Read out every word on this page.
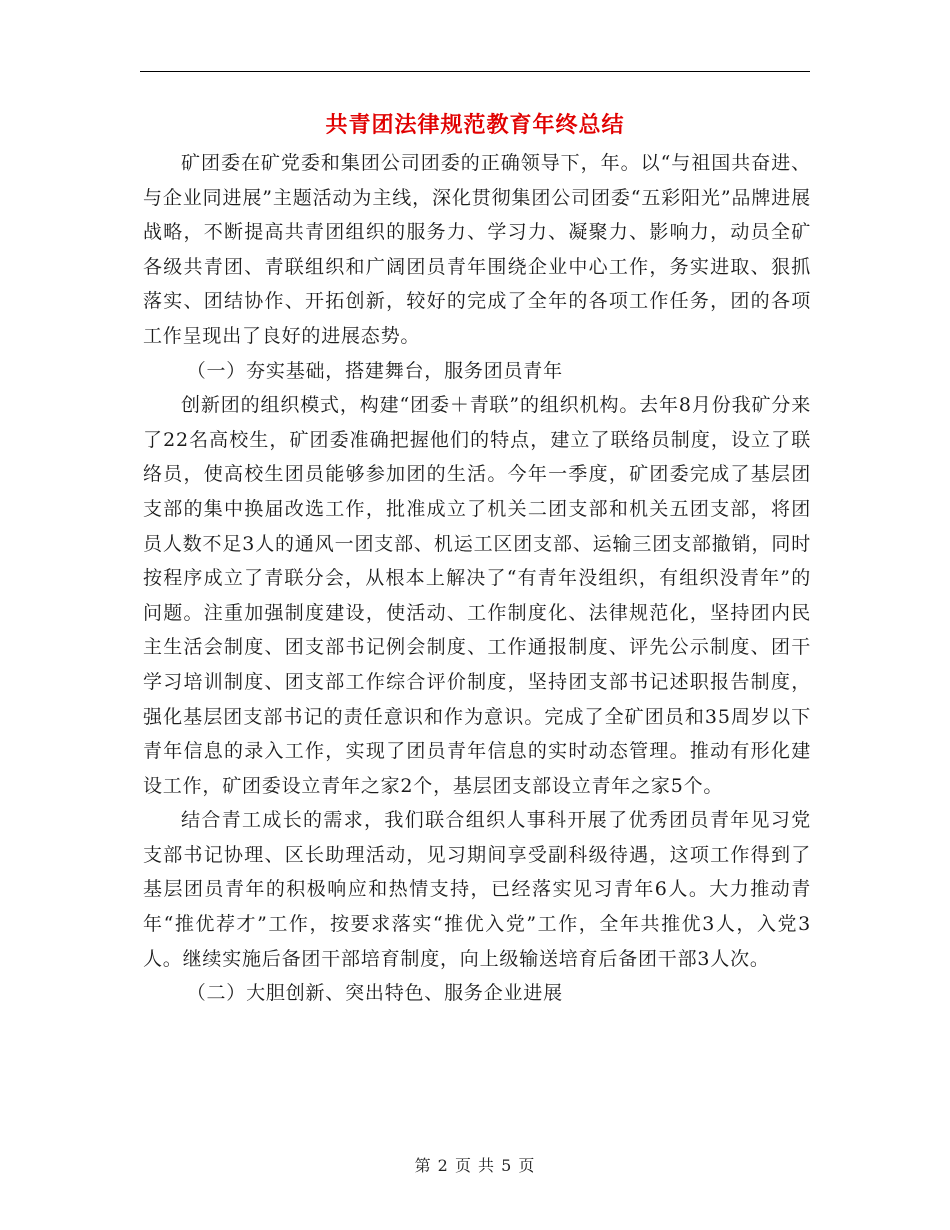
共青团法律规范教育年终总结

矿团委在矿党委和集团公司团委的正确领导下，年。以“与祖国共奋进、与企业同进展”主题活动为主线，深化贯彻集团公司团委“五彩阳光”品牌进展战略，不断提高共青团组织的服务力、学习力、凝聚力、影响力，动员全矿各级共青团、青联组织和广阔团员青年围绕企业中心工作，务实进取、狠抓落实、团结协作、开拓创新，较好的完成了全年的各项工作任务，团的各项工作呈现出了良好的进展态势。

（一）夯实基础，搭建舞台，服务团员青年

创新团的组织模式，构建“团委＋青联”的组织机构。去年8月份我矿分来了22名高校生，矿团委准确把握他们的特点，建立了联络员制度，设立了联络员，使高校生团员能够参加团的生活。今年一季度，矿团委完成了基层团支部的集中换届改选工作，批准成立了机关二团支部和机关五团支部，将团员人数不足3人的通风一团支部、机运工区团支部、运输三团支部撤销，同时按程序成立了青联分会，从根本上解决了“有青年没组织，有组织没青年”的问题。注重加强制度建设，使活动、工作制度化、法律规范化，坚持团内民主生活会制度、团支部书记例会制度、工作通报制度、评先公示制度、团干学习培训制度、团支部工作综合评价制度，坚持团支部书记述职报告制度，强化基层团支部书记的责任意识和作为意识。完成了全矿团员和35周岁以下青年信息的录入工作，实现了团员青年信息的实时动态管理。推动有形化建设工作，矿团委设立青年之家2个，基层团支部设立青年之家5个。

结合青工成长的需求，我们联合组织人事科开展了优秀团员青年见习党支部书记协理、区长助理活动，见习期间享受副科级待遇，这项工作得到了基层团员青年的积极响应和热情支持，已经落实见习青年6人。大力推动青年“推优荐才”工作，按要求落实“推优入党”工作，全年共推优3人，入党3人。继续实施后备团干部培育制度，向上级输送培育后备团干部3人次。

（二）大胆创新、突出特色、服务企业进展

第 2 页 共 5 页
